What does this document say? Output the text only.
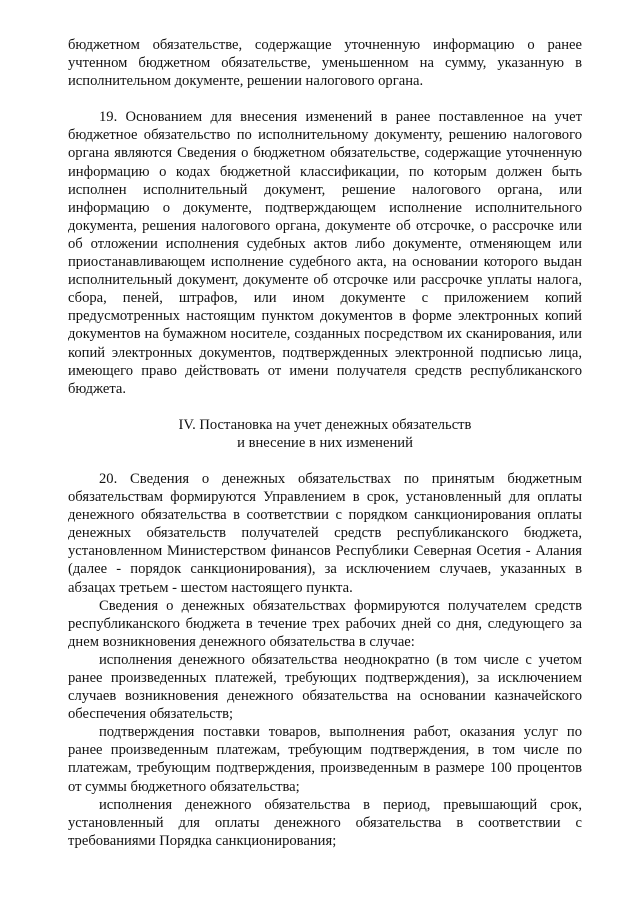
бюджетном обязательстве, содержащие уточненную информацию о ранее учтенном бюджетном обязательстве, уменьшенном на сумму, указанную в исполнительном документе, решении налогового органа.

19. Основанием для внесения изменений в ранее поставленное на учет бюджетное обязательство по исполнительному документу, решению налогового органа являются Сведения о бюджетном обязательстве, содержащие уточненную информацию о кодах бюджетной классификации, по которым должен быть исполнен исполнительный документ, решение налогового органа, или информацию о документе, подтверждающем исполнение исполнительного документа, решения налогового органа, документе об отсрочке, о рассрочке или об отложении исполнения судебных актов либо документе, отменяющем или приостанавливающем исполнение судебного акта, на основании которого выдан исполнительный документ, документе об отсрочке или рассрочке уплаты налога, сбора, пеней, штрафов, или ином документе с приложением копий предусмотренных настоящим пунктом документов в форме электронных копий документов на бумажном носителе, созданных посредством их сканирования, или копий электронных документов, подтвержденных электронной подписью лица, имеющего право действовать от имени получателя средств республиканского бюджета.

IV. Постановка на учет денежных обязательств
и внесение в них изменений

20. Сведения о денежных обязательствах по принятым бюджетным обязательствам формируются Управлением в срок, установленный для оплаты денежного обязательства в соответствии с порядком санкционирования оплаты денежных обязательств получателей средств республиканского бюджета, установленном Министерством финансов Республики Северная Осетия - Алания (далее - порядок санкционирования), за исключением случаев, указанных в абзацах третьем - шестом настоящего пункта.

Сведения о денежных обязательствах формируются получателем средств республиканского бюджета в течение трех рабочих дней со дня, следующего за днем возникновения денежного обязательства в случае:

исполнения денежного обязательства неоднократно (в том числе с учетом ранее произведенных платежей, требующих подтверждения), за исключением случаев возникновения денежного обязательства на основании казначейского обеспечения обязательств;

подтверждения поставки товаров, выполнения работ, оказания услуг по ранее произведенным платежам, требующим подтверждения, в том числе по платежам, требующим подтверждения, произведенным в размере 100 процентов от суммы бюджетного обязательства;

исполнения денежного обязательства в период, превышающий срок, установленный для оплаты денежного обязательства в соответствии с требованиями Порядка санкционирования;
